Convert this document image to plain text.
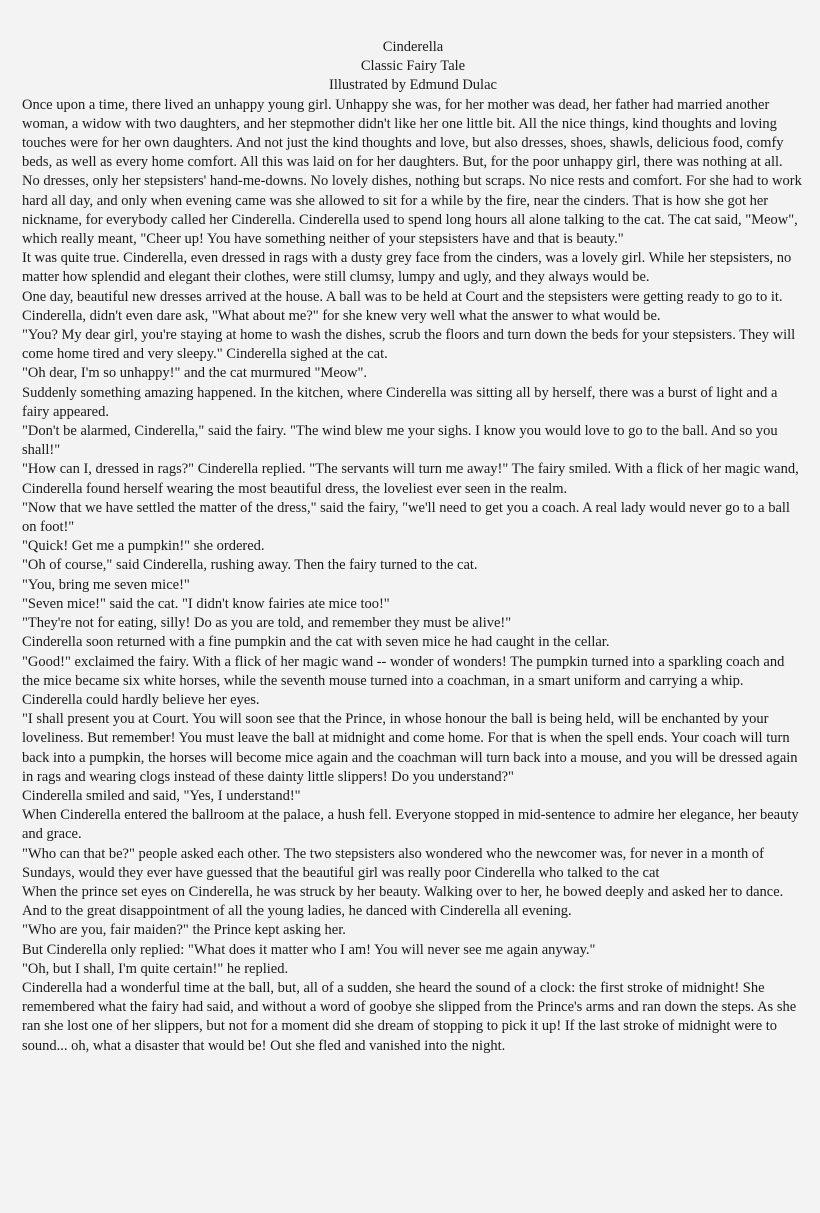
Cinderella
Classic Fairy Tale
Illustrated by Edmund Dulac

Once upon a time, there lived an unhappy young girl. Unhappy she was, for her mother was dead, her father had married another woman, a widow with two daughters, and her stepmother didn't like her one little bit. All the nice things, kind thoughts and loving touches were for her own daughters. And not just the kind thoughts and love, but also dresses, shoes, shawls, delicious food, comfy beds, as well as every home comfort. All this was laid on for her daughters. But, for the poor unhappy girl, there was nothing at all. No dresses, only her stepsisters' hand-me-downs. No lovely dishes, nothing but scraps. No nice rests and comfort. For she had to work hard all day, and only when evening came was she allowed to sit for a while by the fire, near the cinders. That is how she got her nickname, for everybody called her Cinderella. Cinderella used to spend long hours all alone talking to the cat. The cat said, "Meow", which really meant, "Cheer up! You have something neither of your stepsisters have and that is beauty."

It was quite true. Cinderella, even dressed in rags with a dusty grey face from the cinders, was a lovely girl. While her stepsisters, no matter how splendid and elegant their clothes, were still clumsy, lumpy and ugly, and they always would be.

One day, beautiful new dresses arrived at the house. A ball was to be held at Court and the stepsisters were getting ready to go to it. Cinderella, didn't even dare ask, "What about me?" for she knew very well what the answer to what would be.

"You? My dear girl, you're staying at home to wash the dishes, scrub the floors and turn down the beds for your stepsisters. They will come home tired and very sleepy." Cinderella sighed at the cat.

"Oh dear, I'm so unhappy!" and the cat murmured "Meow".

Suddenly something amazing happened. In the kitchen, where Cinderella was sitting all by herself, there was a burst of light and a fairy appeared.

"Don't be alarmed, Cinderella," said the fairy. "The wind blew me your sighs. I know you would love to go to the ball. And so you shall!"

"How can I, dressed in rags?" Cinderella replied. "The servants will turn me away!" The fairy smiled. With a flick of her magic wand, Cinderella found herself wearing the most beautiful dress, the loveliest ever seen in the realm.

"Now that we have settled the matter of the dress," said the fairy, "we'll need to get you a coach. A real lady would never go to a ball on foot!"

"Quick! Get me a pumpkin!" she ordered.

"Oh of course," said Cinderella, rushing away. Then the fairy turned to the cat.

"You, bring me seven mice!"

"Seven mice!" said the cat. "I didn't know fairies ate mice too!"

"They're not for eating, silly! Do as you are told, and remember they must be alive!"

Cinderella soon returned with a fine pumpkin and the cat with seven mice he had caught in the cellar.

"Good!" exclaimed the fairy. With a flick of her magic wand -- wonder of wonders! The pumpkin turned into a sparkling coach and the mice became six white horses, while the seventh mouse turned into a coachman, in a smart uniform and carrying a whip. Cinderella could hardly believe her eyes.

"I shall present you at Court. You will soon see that the Prince, in whose honour the ball is being held, will be enchanted by your loveliness. But remember! You must leave the ball at midnight and come home. For that is when the spell ends. Your coach will turn back into a pumpkin, the horses will become mice again and the coachman will turn back into a mouse, and you will be dressed again in rags and wearing clogs instead of these dainty little slippers! Do you understand?"

Cinderella smiled and said, "Yes, I understand!"

When Cinderella entered the ballroom at the palace, a hush fell. Everyone stopped in mid-sentence to admire her elegance, her beauty and grace.

"Who can that be?" people asked each other. The two stepsisters also wondered who the newcomer was, for never in a month of Sundays, would they ever have guessed that the beautiful girl was really poor Cinderella who talked to the cat

When the prince set eyes on Cinderella, he was struck by her beauty. Walking over to her, he bowed deeply and asked her to dance. And to the great disappointment of all the young ladies, he danced with Cinderella all evening.

"Who are you, fair maiden?" the Prince kept asking her.

But Cinderella only replied: "What does it matter who I am! You will never see me again anyway."

"Oh, but I shall, I'm quite certain!" he replied.

Cinderella had a wonderful time at the ball, but, all of a sudden, she heard the sound of a clock: the first stroke of midnight! She remembered what the fairy had said, and without a word of goobye she slipped from the Prince's arms and ran down the steps. As she ran she lost one of her slippers, but not for a moment did she dream of stopping to pick it up! If the last stroke of midnight were to sound... oh, what a disaster that would be! Out she fled and vanished into the night.
